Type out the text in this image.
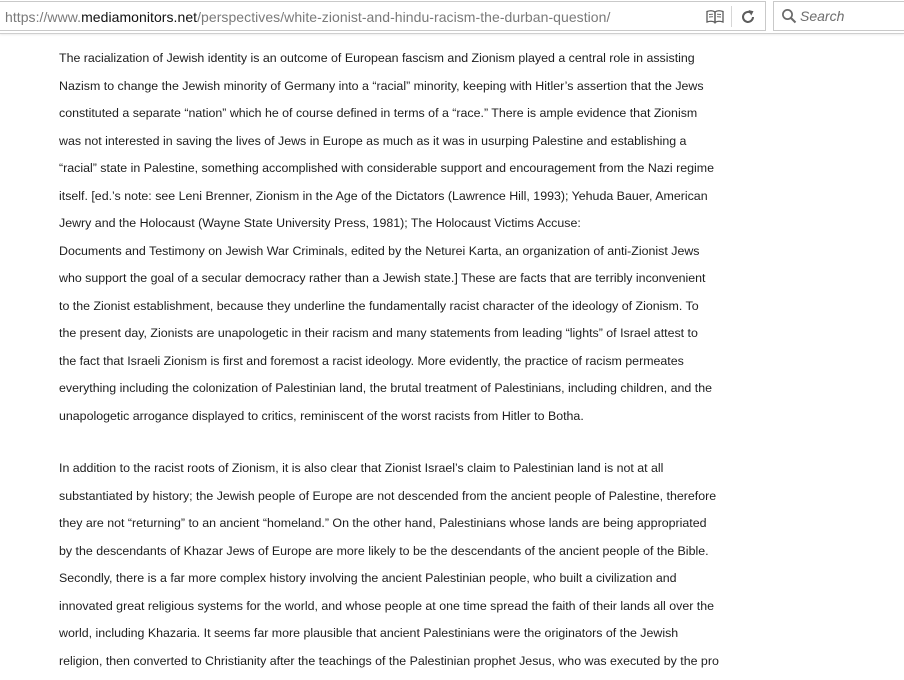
https://www.mediamonitors.net/perspectives/white-zionist-and-hindu-racism-the-durban-question/
Search

The racialization of Jewish identity is an outcome of European fascism and Zionism played a central role in assisting
Nazism to change the Jewish minority of Germany into a “racial” minority, keeping with Hitler’s assertion that the Jews
constituted a separate “nation” which he of course defined in terms of a “race.” There is ample evidence that Zionism
was not interested in saving the lives of Jews in Europe as much as it was in usurping Palestine and establishing a
“racial” state in Palestine, something accomplished with considerable support and encouragement from the Nazi regime
itself. [ed.’s note: see Leni Brenner, Zionism in the Age of the Dictators (Lawrence Hill, 1993); Yehuda Bauer, American
Jewry and the Holocaust (Wayne State University Press, 1981); The Holocaust Victims Accuse:
Documents and Testimony on Jewish War Criminals, edited by the Neturei Karta, an organization of anti-Zionist Jews
who support the goal of a secular democracy rather than a Jewish state.] These are facts that are terribly inconvenient
to the Zionist establishment, because they underline the fundamentally racist character of the ideology of Zionism. To
the present day, Zionists are unapologetic in their racism and many statements from leading “lights” of Israel attest to
the fact that Israeli Zionism is first and foremost a racist ideology. More evidently, the practice of racism permeates
everything including the colonization of Palestinian land, the brutal treatment of Palestinians, including children, and the
unapologetic arrogance displayed to critics, reminiscent of the worst racists from Hitler to Botha.

In addition to the racist roots of Zionism, it is also clear that Zionist Israel’s claim to Palestinian land is not at all
substantiated by history; the Jewish people of Europe are not descended from the ancient people of Palestine, therefore
they are not “returning” to an ancient “homeland.” On the other hand, Palestinians whose lands are being appropriated
by the descendants of Khazar Jews of Europe are more likely to be the descendants of the ancient people of the Bible.
Secondly, there is a far more complex history involving the ancient Palestinian people, who built a civilization and
innovated great religious systems for the world, and whose people at one time spread the faith of their lands all over the
world, including Khazaria. It seems far more plausible that ancient Palestinians were the originators of the Jewish
religion, then converted to Christianity after the teachings of the Palestinian prophet Jesus, who was executed by the pro
